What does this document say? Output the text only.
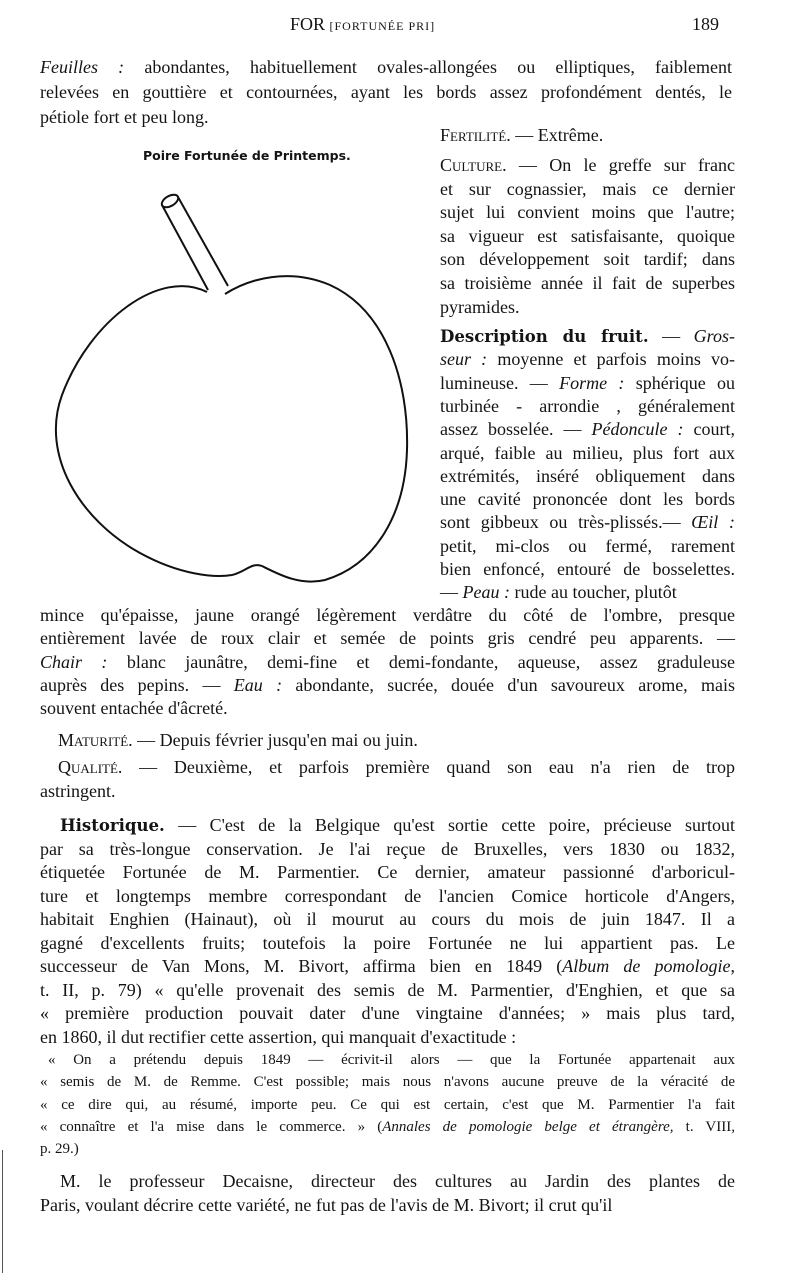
FOR [FORTUNÉE PRI]	189
Poire Fortunée de Printemps.
Feuilles : abondantes, habituellement ovales-allongées ou elliptiques, faiblement
relevées en gouttière et contournées, ayant les bords assez profondément dentés, le
pétiole fort et peu long.
Fertilité. — Extrême.
Culture. — On le greffe sur franc
et sur cognassier, mais ce dernier
sujet lui convient moins que l'autre;
sa vigueur est satisfaisante, quoique
son développement soit tardif; dans
sa troisième année il fait de superbes
pyramides.
Description du fruit. — Gros-
seur : moyenne et parfois moins vo-
lumineuse. — Forme : sphérique ou
turbinée - arrondie , généralement
assez bosselée. — Pédoncule : court,
arqué, faible au milieu, plus fort aux
extrémités, inséré obliquement dans
une cavité prononcée dont les bords
sont gibbeux ou très-plissés.— Œil :
petit, mi-clos ou fermé, rarement
bien enfoncé, entouré de bosselettes.
— Peau : rude au toucher, plutôt
mince qu'épaisse, jaune orangé légèrement verdâtre du côté de l'ombre, presque
entièrement lavée de roux clair et semée de points gris cendré peu apparents. —
Chair : blanc jaunâtre, demi-fine et demi-fondante, aqueuse, assez graduleuse
auprès des pepins. — Eau : abondante, sucrée, douée d'un savoureux arome, mais
souvent entachée d'âcreté.
Maturité. — Depuis février jusqu'en mai ou juin.
Qualité. — Deuxième, et parfois première quand son eau n'a rien de trop
astringent.
Historique. — C'est de la Belgique qu'est sortie cette poire, précieuse surtout
par sa très-longue conservation. Je l'ai reçue de Bruxelles, vers 1830 ou 1832,
étiquetée Fortunée de M. Parmentier. Ce dernier, amateur passionné d'arboricul-
ture et longtemps membre correspondant de l'ancien Comice horticole d'Angers,
habitait Enghien (Hainaut), où il mourut au cours du mois de juin 1847. Il a
gagné d'excellents fruits; toutefois la poire Fortunée ne lui appartient pas. Le
successeur de Van Mons, M. Bivort, affirma bien en 1849 (Album de pomologie,
t. II, p. 79) « qu'elle provenait des semis de M. Parmentier, d'Enghien, et que sa
« première production pouvait dater d'une vingtaine d'années; » mais plus tard,
en 1860, il dut rectifier cette assertion, qui manquait d'exactitude :
« On a prétendu depuis 1849 — écrivit-il alors — que la Fortunée appartenait aux
« semis de M. de Remme. C'est possible; mais nous n'avons aucune preuve de la véracité de
« ce dire qui, au résumé, importe peu. Ce qui est certain, c'est que M. Parmentier l'a fait
« connaître et l'a mise dans le commerce. » (Annales de pomologie belge et étrangère, t. VIII,
p. 29.)
M. le professeur Decaisne, directeur des cultures au Jardin des plantes de
Paris, voulant décrire cette variété, ne fut pas de l'avis de M. Bivort; il crut qu'il
